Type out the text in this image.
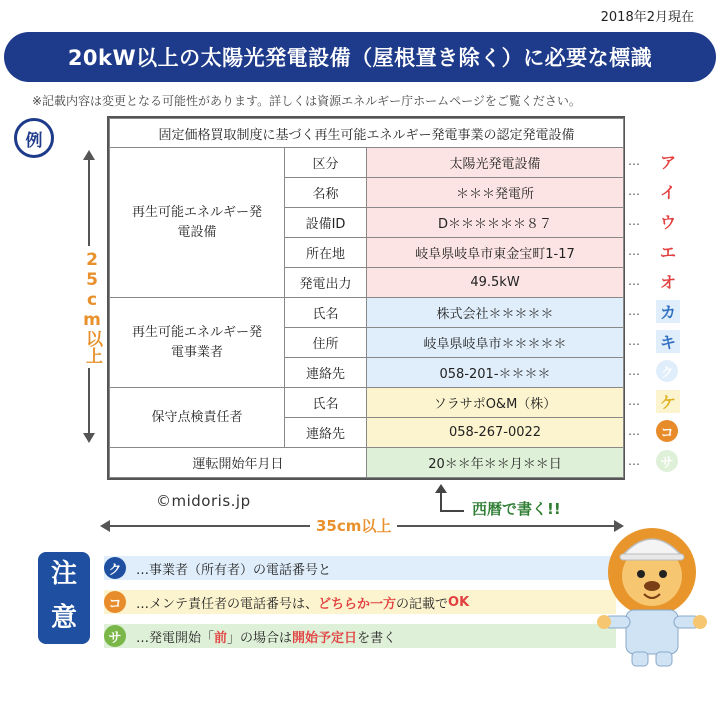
2018年2月現在
20kW以上の太陽光発電設備（屋根置き除く）に必要な標識
※記載内容は変更となる可能性があります。詳しくは資源エネルギー庁ホームページをご覧ください。
例
25cm以上
固定価格買取制度に基づく再生可能エネルギー発電事業の認定発電設備		
再生可能エネルギー発電設備	区分	太陽光発電設備
	名称	＊＊＊発電所
	設備ID	D＊＊＊＊＊＊８７
	所在地	岐阜県岐阜市東金宝町1-17
	発電出力	49.5kW
再生可能エネルギー発電事業者	氏名	株式会社＊＊＊＊＊
	住所	岐阜県岐阜市＊＊＊＊＊
	連絡先	058-201-＊＊＊＊
保守点検責任者	氏名	ソラサポO&M（株）
	連絡先	058-267-0022
運転開始年月日		20＊＊年＊＊月＊＊日
…	ア
…	イ
…	ウ
…	エ
…	オ
…	カ
…	キ
…	ク
…	ケ
…	コ
…	サ
©midoris.jp	西暦で書く!!
35cm以上
注
意
ク	…事業者（所有者）の電話番号と
コ	…メンテ責任者の電話番号は、 どちらか一方 の記載で OK
サ	…発電開始「 前 」の場合は 開始予定日 を書く
